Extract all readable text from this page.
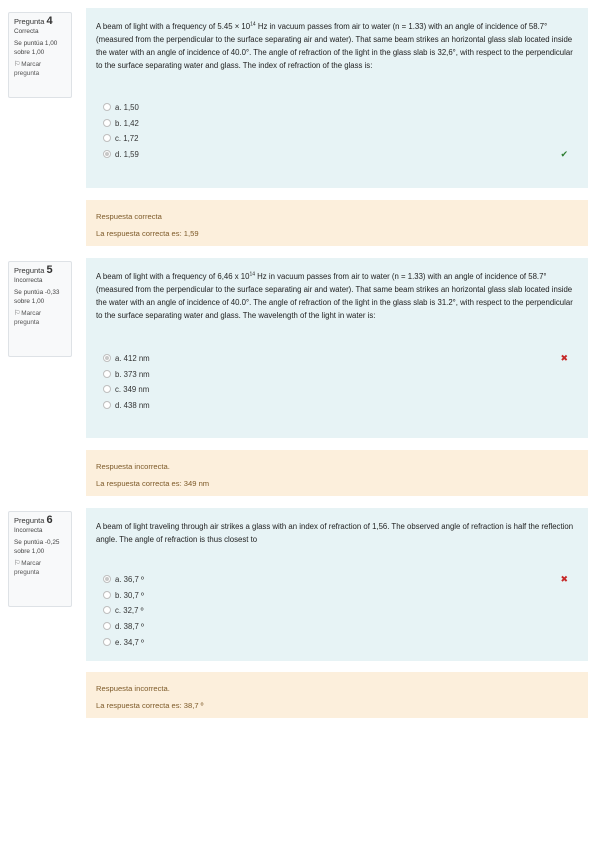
Pregunta 4
Correcta
Se puntúa 1,00 sobre 1,00
⚐Marcar pregunta

A beam of light with a frequency of $5.45 \times 10^{14}$ Hz in vacuum passes from air to water (n = 1.33) with an angle of incidence of 58.7° (measured from the perpendicular to the surface separating air and water). That same beam strikes an horizontal glass slab located inside the water with an angle of incidence of 40.0°. The angle of refraction of the light in the glass slab is 32,6°, with respect to the perpendicular to the surface separating water and glass. The index of refraction of the glass is:

a. 1,50
b. 1,42
c. 1,72
d. 1,59	✔
Respuesta correcta
La respuesta correcta es: 1,59
Pregunta 5
Incorrecta
Se puntúa -0,33 sobre 1,00
⚐Marcar pregunta

A beam of light with a frequency of 6,46 x $10^{14}$ Hz in vacuum passes from air to water (n = 1.33) with an angle of incidence of 58.7° (measured from the perpendicular to the surface separating air and water). That same beam strikes an horizontal glass slab located inside the water with an angle of incidence of 40.0°. The angle of refraction of the light in the glass slab is 31.2°, with respect to the perpendicular to the surface separating water and glass. The wavelength of the light in water is:

a. 412 nm	✖
b. 373 nm
c. 349 nm
d. 438 nm
Respuesta incorrecta.
La respuesta correcta es: 349 nm
Pregunta 6
Incorrecta
Se puntúa -0,25 sobre 1,00
⚐Marcar pregunta

A beam of light traveling through air strikes a glass with an index of refraction of 1,56. The observed angle of refraction is half the reflection angle. The angle of refraction is thus closest to

a. 36,7 º	✖
b. 30,7 º
c. 32,7 º
d. 38,7 º
e. 34,7 º
Respuesta incorrecta.
La respuesta correcta es: 38,7 º
